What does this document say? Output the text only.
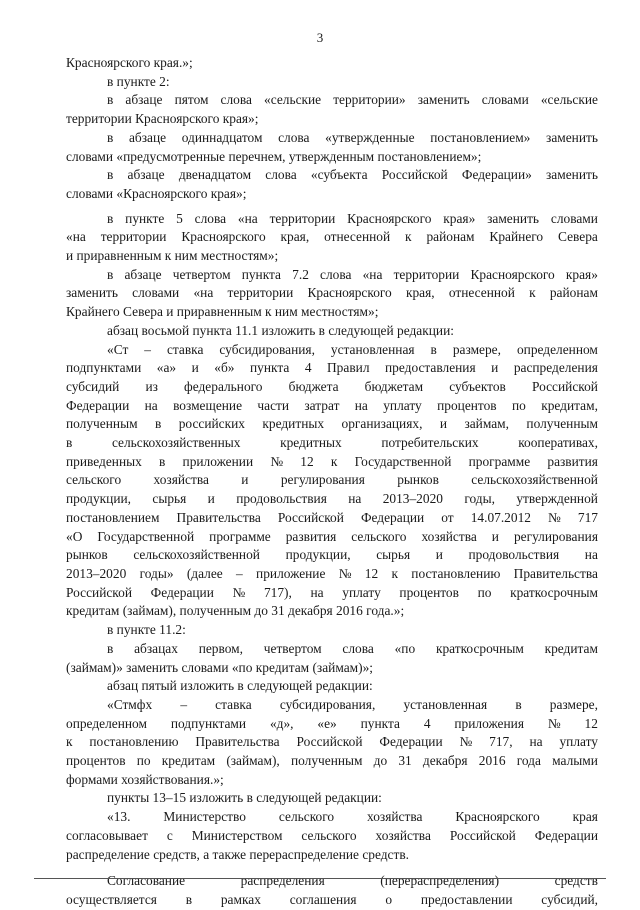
3
Красноярского края.»;
в пункте 2:
в абзаце пятом слова «сельские территории» заменить словами «сельские
территории Красноярского края»;
в абзаце одиннадцатом слова «утвержденные постановлением» заменить
словами «предусмотренные перечнем, утвержденным постановлением»;
в абзаце двенадцатом слова «субъекта Российской Федерации» заменить
словами «Красноярского края»;
в пункте 5 слова «на территории Красноярского края» заменить словами
«на территории Красноярского края, отнесенной к районам Крайнего Севера
и приравненным к ним местностям»;
в абзаце четвертом пункта 7.2 слова «на территории Красноярского края»
заменить словами «на территории Красноярского края, отнесенной к районам
Крайнего Севера и приравненным к ним местностям»;
абзац восьмой пункта 11.1 изложить в следующей редакции:
«Ст – ставка субсидирования, установленная в размере, определенном
подпунктами «а» и «б» пункта 4 Правил предоставления и распределения
субсидий из федерального бюджета бюджетам субъектов Российской
Федерации на возмещение части затрат на уплату процентов по кредитам,
полученным в российских кредитных организациях, и займам, полученным
в	сельскохозяйственных	кредитных	потребительских	кооперативах,
приведенных в приложении № 12 к Государственной программе развития
сельского хозяйства и регулирования рынков сельскохозяйственной
продукции, сырья и продовольствия на 2013–2020 годы, утвержденной
постановлением Правительства Российской Федерации от 14.07.2012 № 717
«О Государственной программе развития сельского хозяйства и регулирования
рынков сельскохозяйственной продукции, сырья и продовольствия на
2013–2020 годы» (далее – приложение № 12 к постановлению Правительства
Российской Федерации № 717), на уплату процентов по краткосрочным
кредитам (займам), полученным до 31 декабря 2016 года.»;
в пункте 11.2:
в абзацах первом, четвертом слова «по краткосрочным кредитам
(займам)» заменить словами «по кредитам (займам)»;
абзац пятый изложить в следующей редакции:
«Стмфх – ставка субсидирования, установленная в размере,
определенном подпунктами «д», «е» пункта 4 приложения № 12
к постановлению Правительства Российской Федерации № 717, на уплату
процентов по кредитам (займам), полученным до 31 декабря 2016 года малыми
формами хозяйствования.»;
пункты 13–15 изложить в следующей редакции:
«13. Министерство сельского хозяйства Красноярского края
согласовывает с Министерством сельского хозяйства Российской Федерации
распределение средств, а также перераспределение средств.
Согласование	распределения	(перераспределения)	средств
осуществляется в рамках соглашения о предоставлении субсидий,
